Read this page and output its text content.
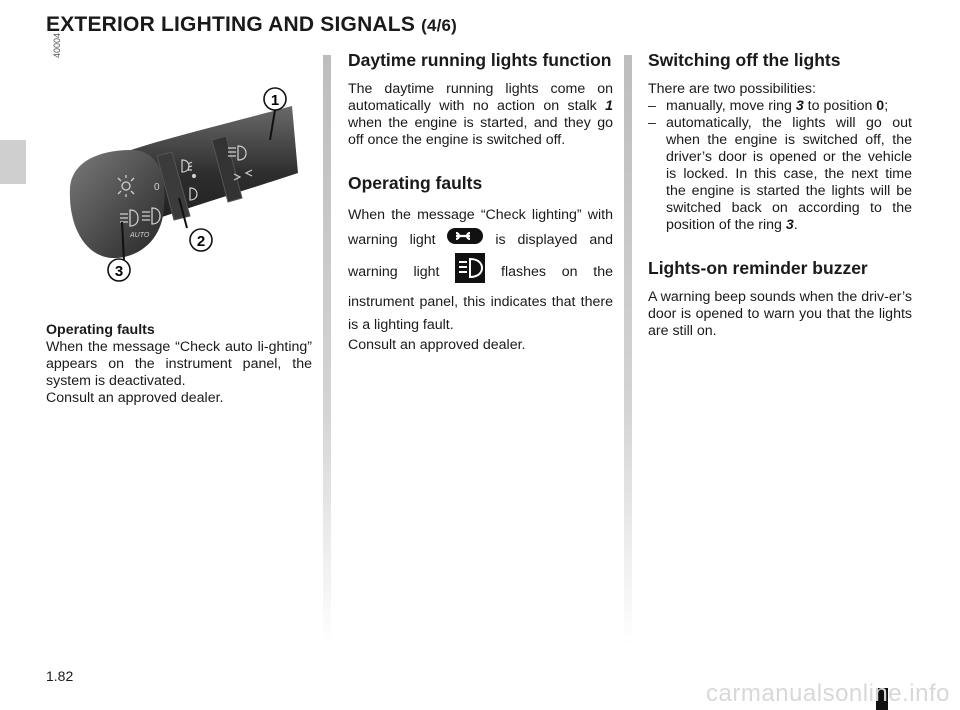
EXTERIOR LIGHTING AND SIGNALS (4/6)
40004
0
AUTO
1
2
3

Operating faults

When the message “Check auto li-ghting” appears on the instrument panel, the system is deactivated.

Consult an approved dealer.

Daytime running lights function

The daytime running lights come on automatically with no action on stalk 1 when the engine is started, and they go off once the engine is switched off.

Operating faults

When the message “Check lighting” with warning light	is displayed and warning light  flashes on the instrument panel, this indicates that there is a lighting fault.

Consult an approved dealer.

Switching off the lights

There are two possibilities:

– manually, move ring 3 to position 0;
– automatically, the lights will go out when the engine is switched off, the driver’s door is opened or the vehicle is locked. In this case, the next time the engine is started the lights will be switched back on according to the position of the ring 3.
Lights-on reminder buzzer

A warning beep sounds when the driv-er’s door is opened to warn you that the lights are still on.

1.82
carmanualsonline.info
